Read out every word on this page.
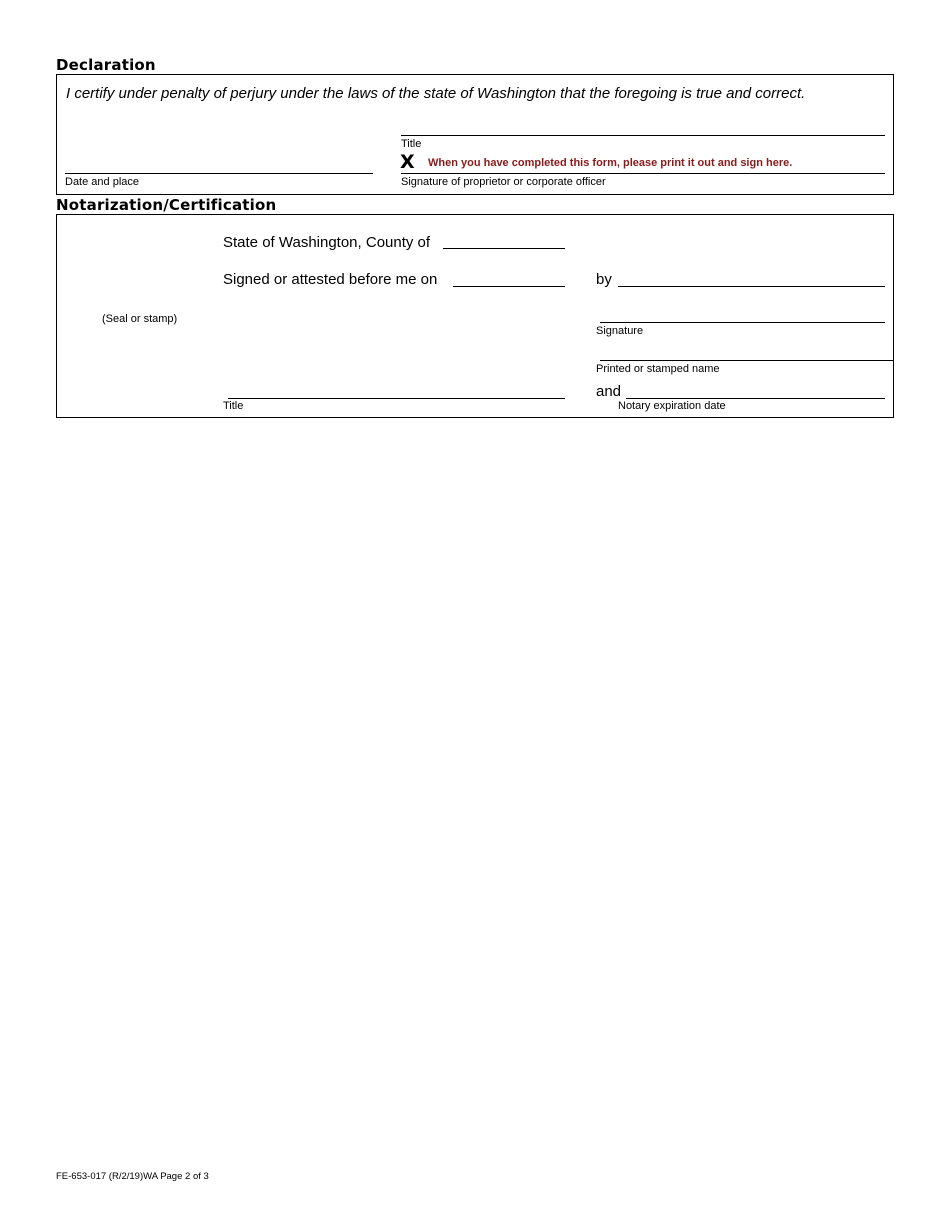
Declaration
I certify under penalty of perjury under the laws of the state of Washington that the foregoing is true and correct.
Title
X When you have completed this form, please print it out and sign here.
Date and place	Signature of proprietor or corporate officer
Notarization/Certification
State of Washington, County of
Signed or attested before me on	by
(Seal or stamp)
Signature
Printed or stamped name
and
Notary expiration date
Title
FE-653-017 (R/2/19)WA Page 2 of 3
